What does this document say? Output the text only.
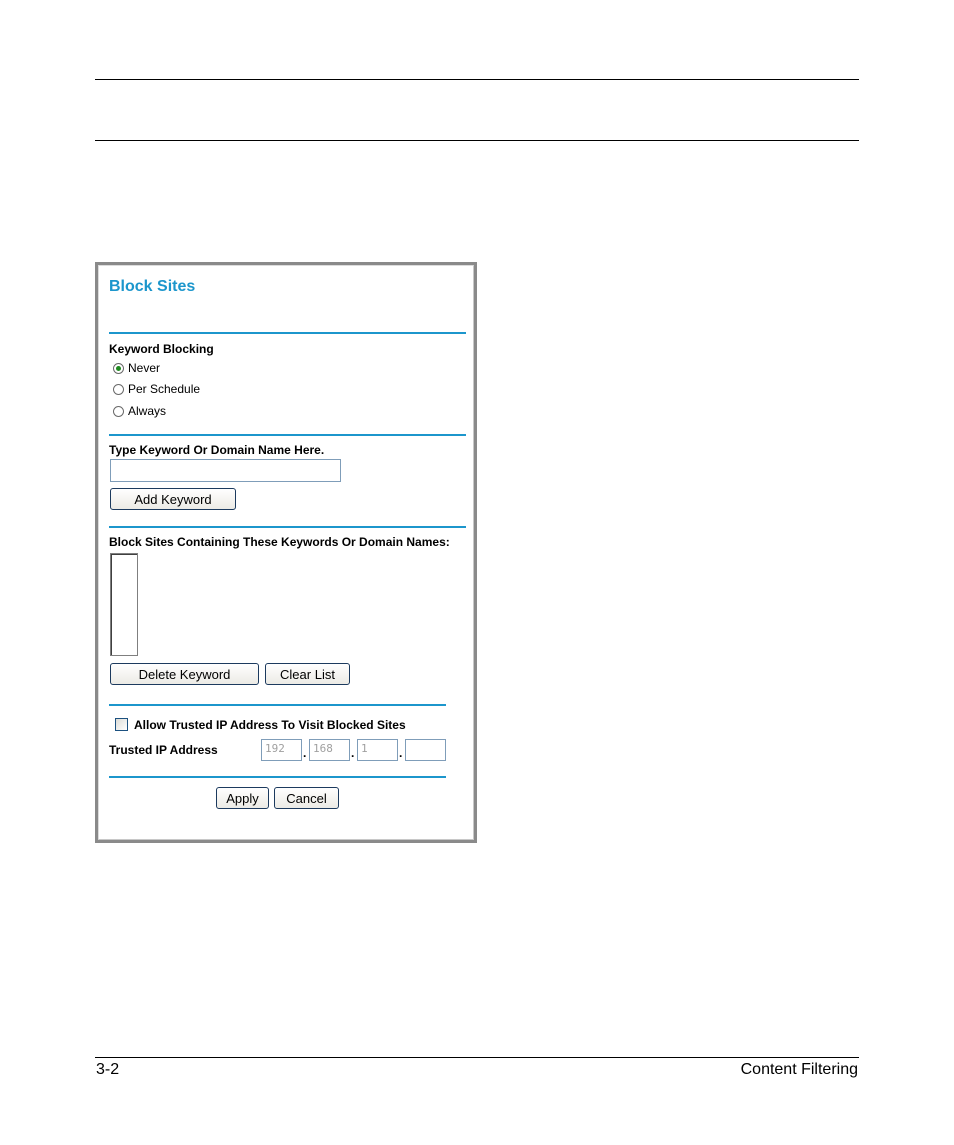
Block Sites
Keyword Blocking
Never
Per Schedule
Always
Type Keyword Or Domain Name Here.
Add Keyword
Block Sites Containing These Keywords Or Domain Names:
Delete Keyword	Clear List
Allow Trusted IP Address To Visit Blocked Sites
Trusted IP Address	192	. 168	. 1	.
Apply	Cancel
3-2	Content Filtering
